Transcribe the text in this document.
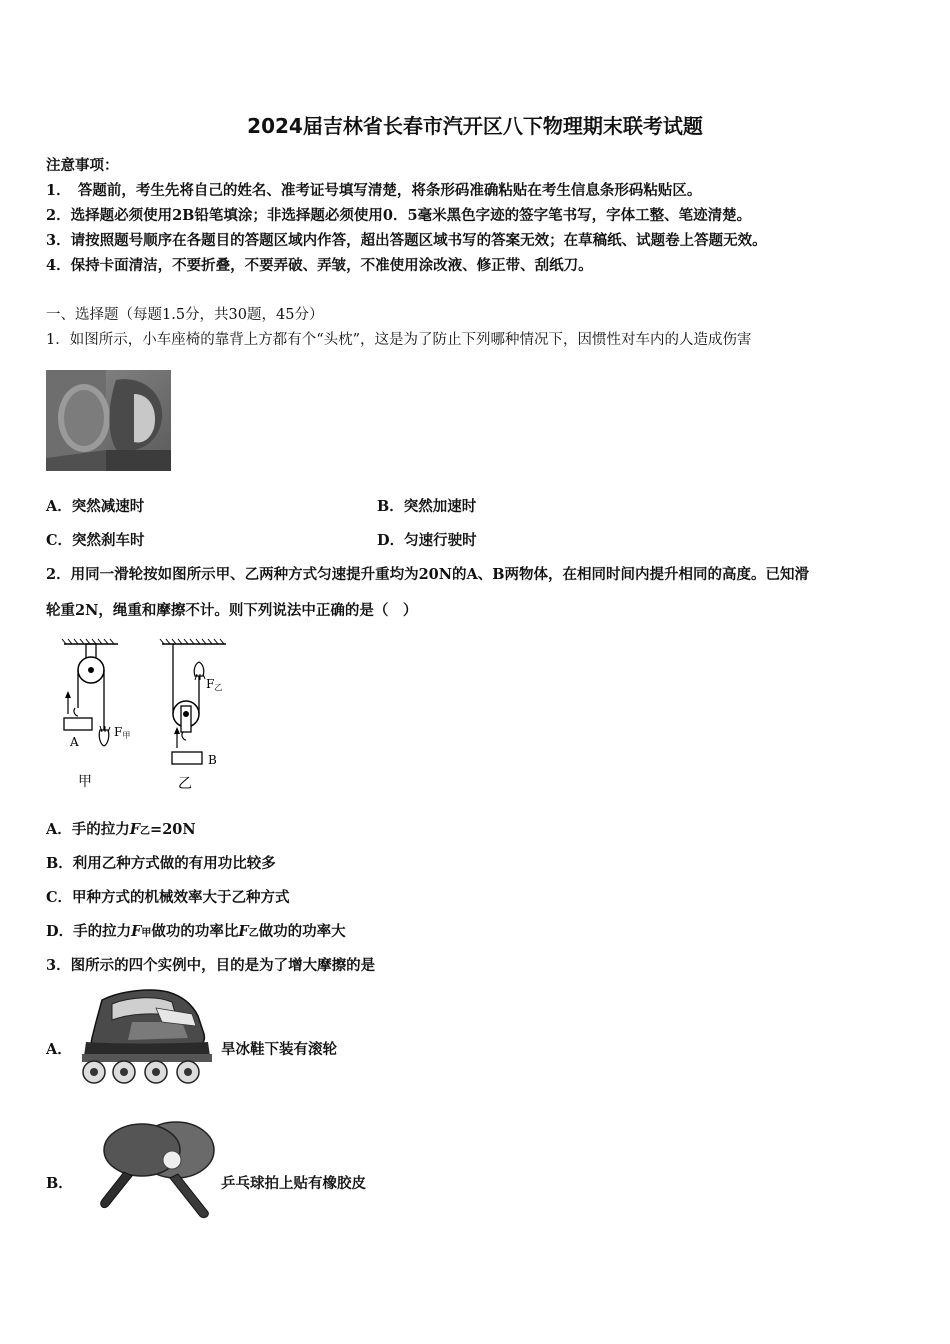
2024届吉林省长春市汽开区八下物理期末联考试题
注意事项：
1．　答题前，考生先将自己的姓名、准考证号填写清楚，将条形码准确粘贴在考生信息条形码粘贴区。
2．选择题必须使用2B铅笔填涂；非选择题必须使用0．5毫米黑色字迹的签字笔书写，字体工整、笔迹清楚。
3．请按照题号顺序在各题目的答题区域内作答，超出答题区域书写的答案无效；在草稿纸、试题卷上答题无效。
4．保持卡面清洁，不要折叠，不要弄破、弄皱，不准使用涂改液、修正带、刮纸刀。
一、选择题（每题1.5分，共30题，45分）
1．如图所示，小车座椅的靠背上方都有个“头枕”，这是为了防止下列哪种情况下，因惯性对车内的人造成伤害
A．突然减速时	B．突然加速时
C．突然刹车时	D．匀速行驶时
2．用同一滑轮按如图所示甲、乙两种方式匀速提升重均为20N的A、B两物体，在相同时间内提升相同的高度。已知滑
轮重2N，绳重和摩擦不计。则下列说法中正确的是（　）
A
F甲
甲
F乙
B
乙
A．手的拉力F乙=20N
B．利用乙种方式做的有用功比较多
C．甲种方式的机械效率大于乙种方式
D．手的拉力F甲做功的功率比F乙做功的功率大
3．图所示的四个实例中，目的是为了增大摩擦的是
A．	旱冰鞋下装有滚轮
B．	乒乓球拍上贴有橡胶皮
